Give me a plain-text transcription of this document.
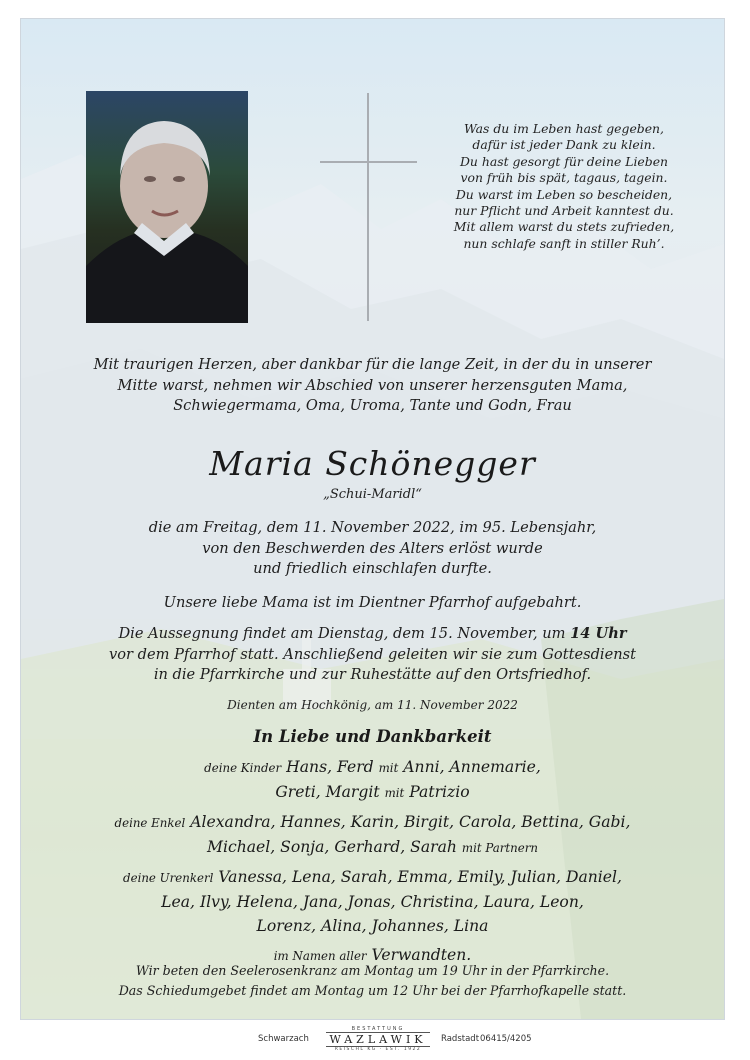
Was du im Leben hast gegeben,
dafür ist jeder Dank zu klein.
Du hast gesorgt für deine Lieben
von früh bis spät, tagaus, tagein.
Du warst im Leben so bescheiden,
nur Pflicht und Arbeit kanntest du.
Mit allem warst du stets zufrieden,
nun schlafe sanft in stiller Ruh’.
Mit traurigen Herzen, aber dankbar für die lange Zeit, in der du in unserer
Mitte warst, nehmen wir Abschied von unserer herzensguten Mama,
Schwiegermama, Oma, Uroma, Tante und Godn, Frau
Maria Schönegger
„Schui-Maridl“
die am Freitag, dem 11. November 2022, im 95. Lebensjahr,
von den Beschwerden des Alters erlöst wurde
und friedlich einschlafen durfte.
Unsere liebe Mama ist im Dientner Pfarrhof aufgebahrt.
Die Aussegnung findet am Dienstag, dem 15. November, um 14 Uhr
vor dem Pfarrhof statt. Anschließend geleiten wir sie zum Gottesdienst
in die Pfarrkirche und zur Ruhestätte auf den Ortsfriedhof.
Dienten am Hochkönig, am 11. November 2022
In Liebe und Dankbarkeit
deine Kinder Hans, Ferd mit Anni, Annemarie,
Greti, Margit mit Patrizio
deine Enkel Alexandra, Hannes, Karin, Birgit, Carola, Bettina, Gabi,
Michael, Sonja, Gerhard, Sarah mit Partnern
deine Urenkerl Vanessa, Lena, Sarah, Emma, Emily, Julian, Daniel,
Lea, Ilvy, Helena, Jana, Jonas, Christina, Laura, Leon,
Lorenz, Alina, Johannes, Lina
im Namen aller Verwandten.
Wir beten den Seelerosenkranz am Montag um 19 Uhr in der Pfarrkirche.
Das Schiedumgebet findet am Montag um 12 Uhr bei der Pfarrhofkapelle statt.
Schwarzach
BESTATTUNG
WAZLAWIK
REISCHL KG · EST. 1922
Radstadt 06415/4205
